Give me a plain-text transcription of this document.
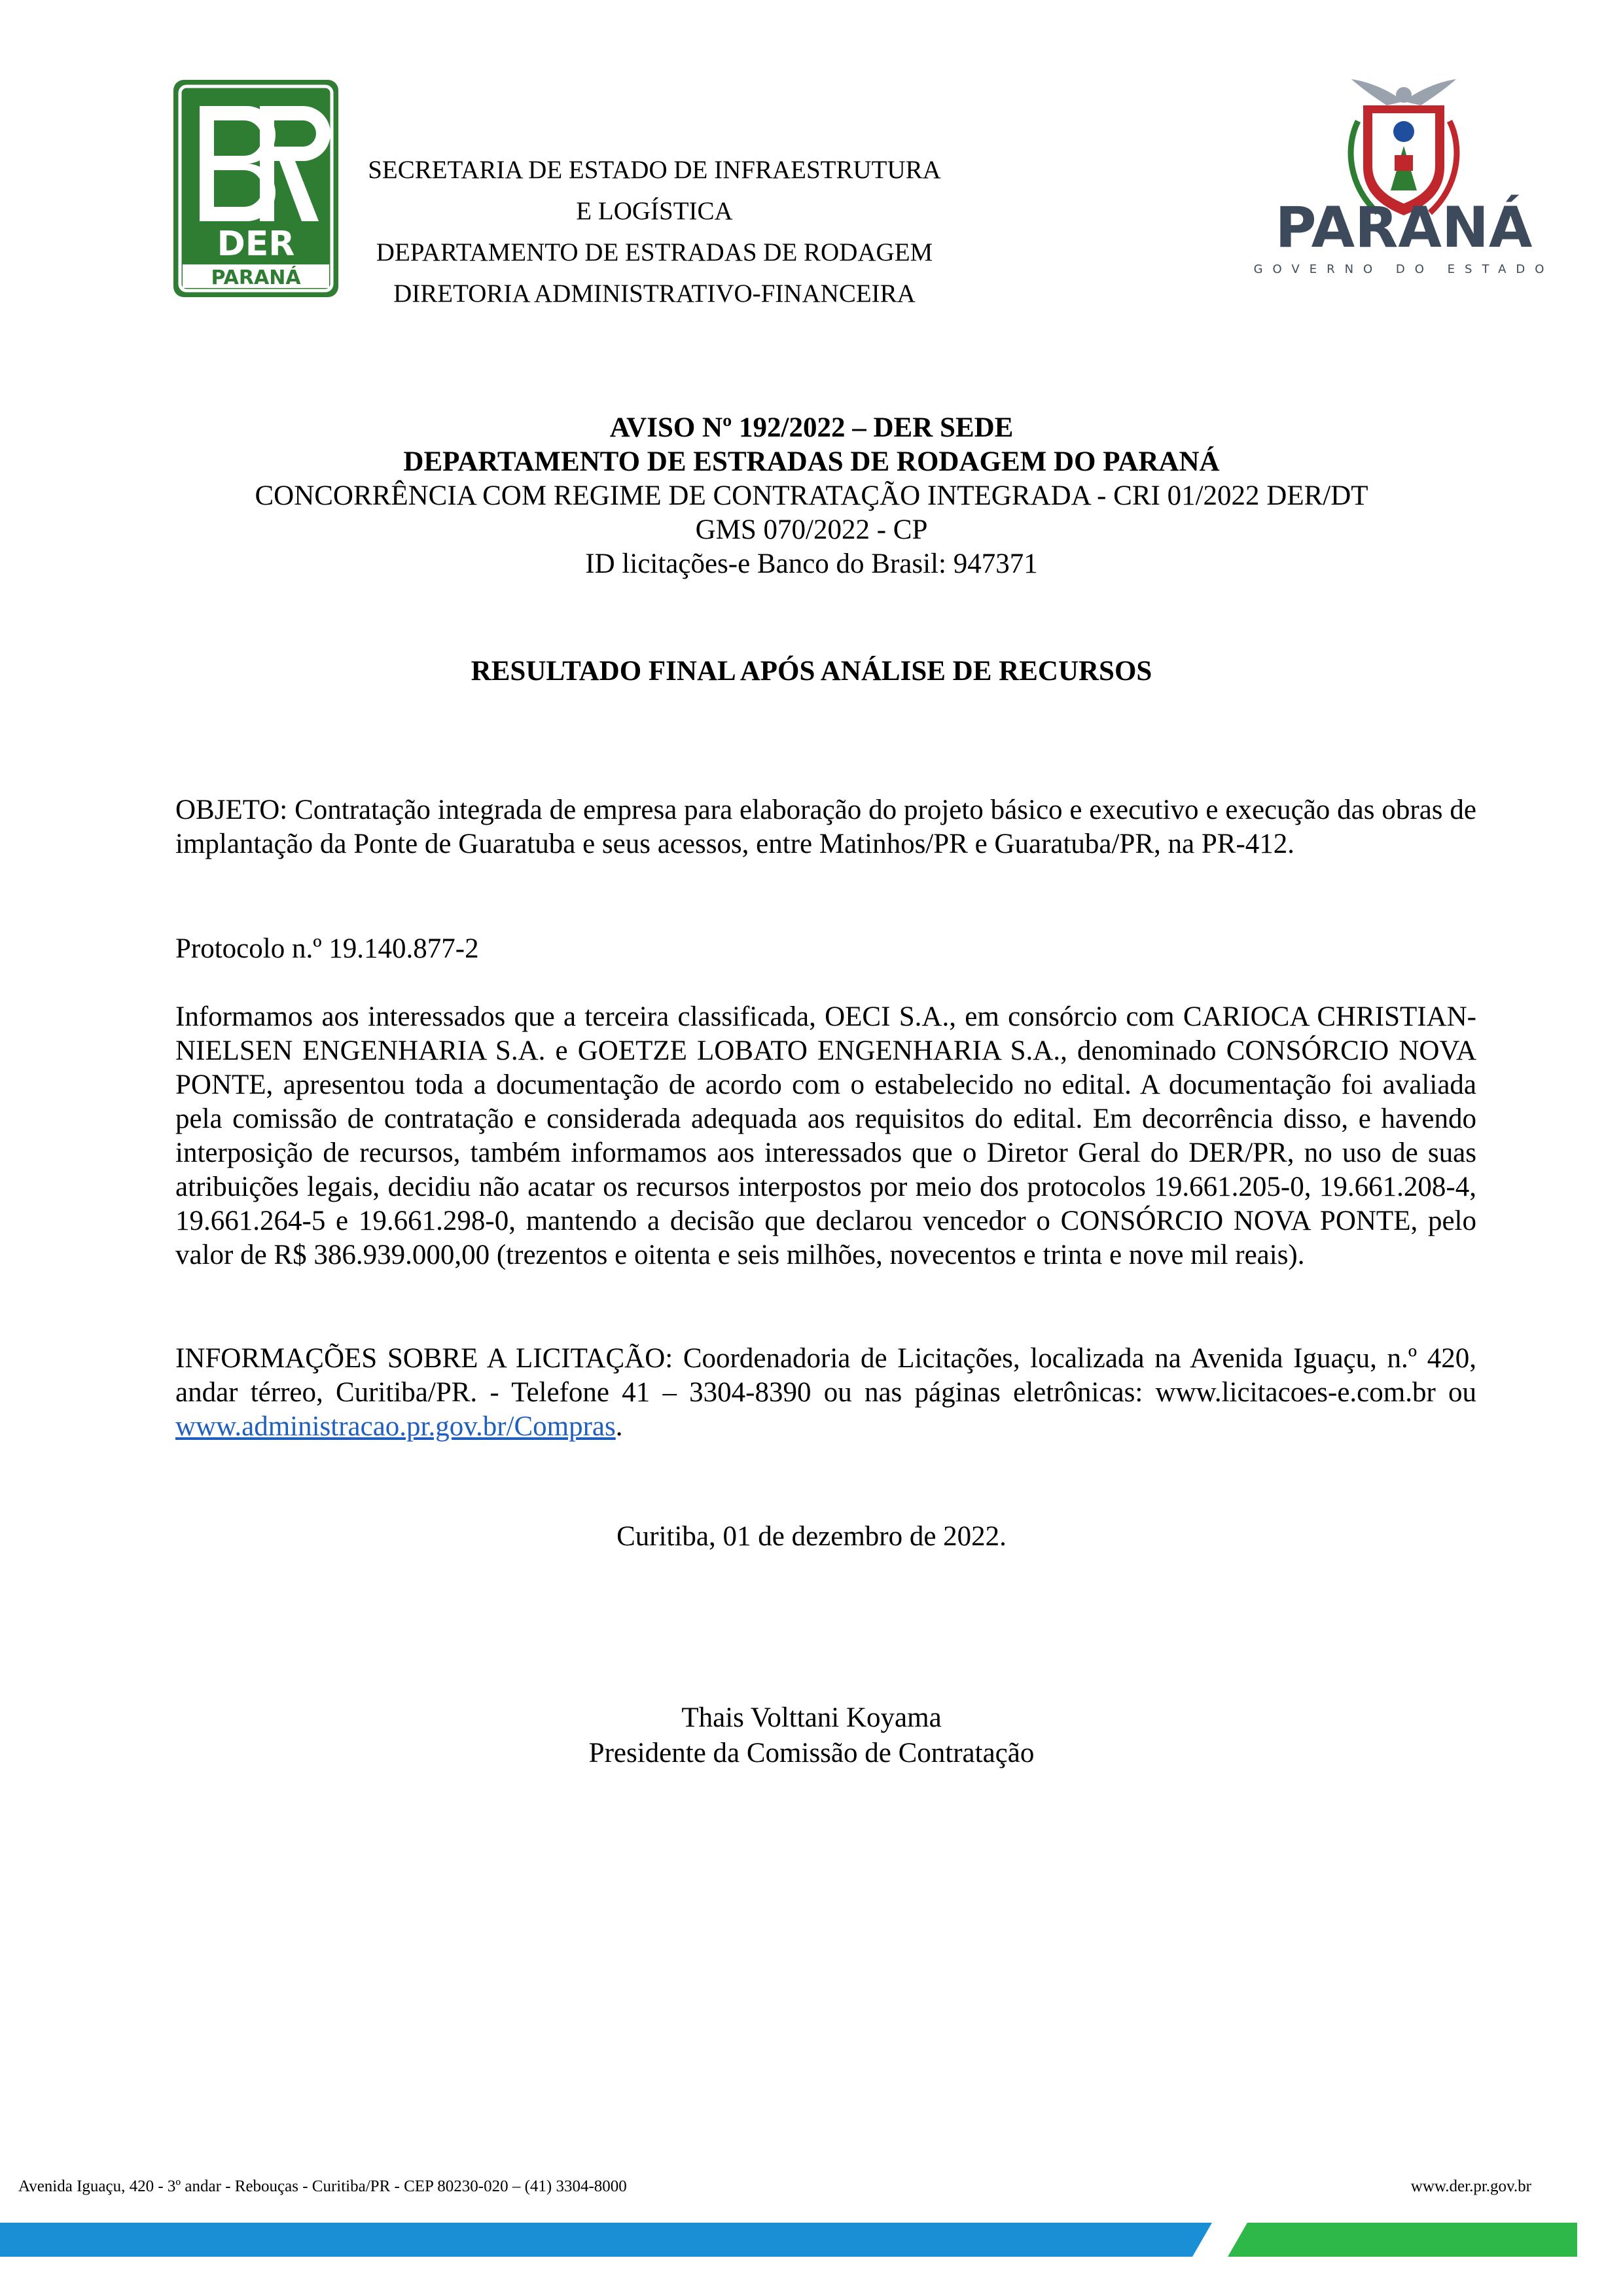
DER
PARANÁ
SECRETARIA DE ESTADO DE INFRAESTRUTURA E LOGÍSTICA
DEPARTAMENTO DE ESTRADAS DE RODAGEM
DIRETORIA ADMINISTRATIVO-FINANCEIRA
PARANÁ
GOVERNO DO ESTADO
AVISO Nº 192/2022 – DER SEDE
DEPARTAMENTO DE ESTRADAS DE RODAGEM DO PARANÁ
CONCORRÊNCIA COM REGIME DE CONTRATAÇÃO INTEGRADA - CRI 01/2022 DER/DT
GMS 070/2022 - CP
ID licitações-e Banco do Brasil: 947371
RESULTADO FINAL APÓS ANÁLISE DE RECURSOS
OBJETO: Contratação integrada de empresa para elaboração do projeto básico e executivo e execução das obras de implantação da Ponte de Guaratuba e seus acessos, entre Matinhos/PR e Guaratuba/PR, na PR-412.
Protocolo n.º 19.140.877-2
Informamos aos interessados que a terceira classificada, OECI S.A., em consórcio com CARIOCA CHRISTIAN-NIELSEN ENGENHARIA S.A. e GOETZE LOBATO ENGENHARIA S.A., denominado CONSÓRCIO NOVA PONTE, apresentou toda a documentação de acordo com o estabelecido no edital. A documentação foi avaliada pela comissão de contratação e considerada adequada aos requisitos do edital. Em decorrência disso, e havendo interposição de recursos, também informamos aos interessados que o Diretor Geral do DER/PR, no uso de suas atribuições legais, decidiu não acatar os recursos interpostos por meio dos protocolos 19.661.205-0, 19.661.208-4, 19.661.264-5 e 19.661.298-0, mantendo a decisão que declarou vencedor o CONSÓRCIO NOVA PONTE, pelo valor de R$ 386.939.000,00 (trezentos e oitenta e seis milhões, novecentos e trinta e nove mil reais).
INFORMAÇÕES SOBRE A LICITAÇÃO: Coordenadoria de Licitações, localizada na Avenida Iguaçu, n.º 420, andar térreo, Curitiba/PR. - Telefone 41 – 3304-8390 ou nas páginas eletrônicas: www.licitacoes-e.com.br ou www.administracao.pr.gov.br/Compras.
Curitiba, 01 de dezembro de 2022.
Thais Volttani Koyama
Presidente da Comissão de Contratação
Avenida Iguaçu, 420 - 3º andar - Rebouças - Curitiba/PR - CEP 80230-020 – (41) 3304-8000	www.der.pr.gov.br
